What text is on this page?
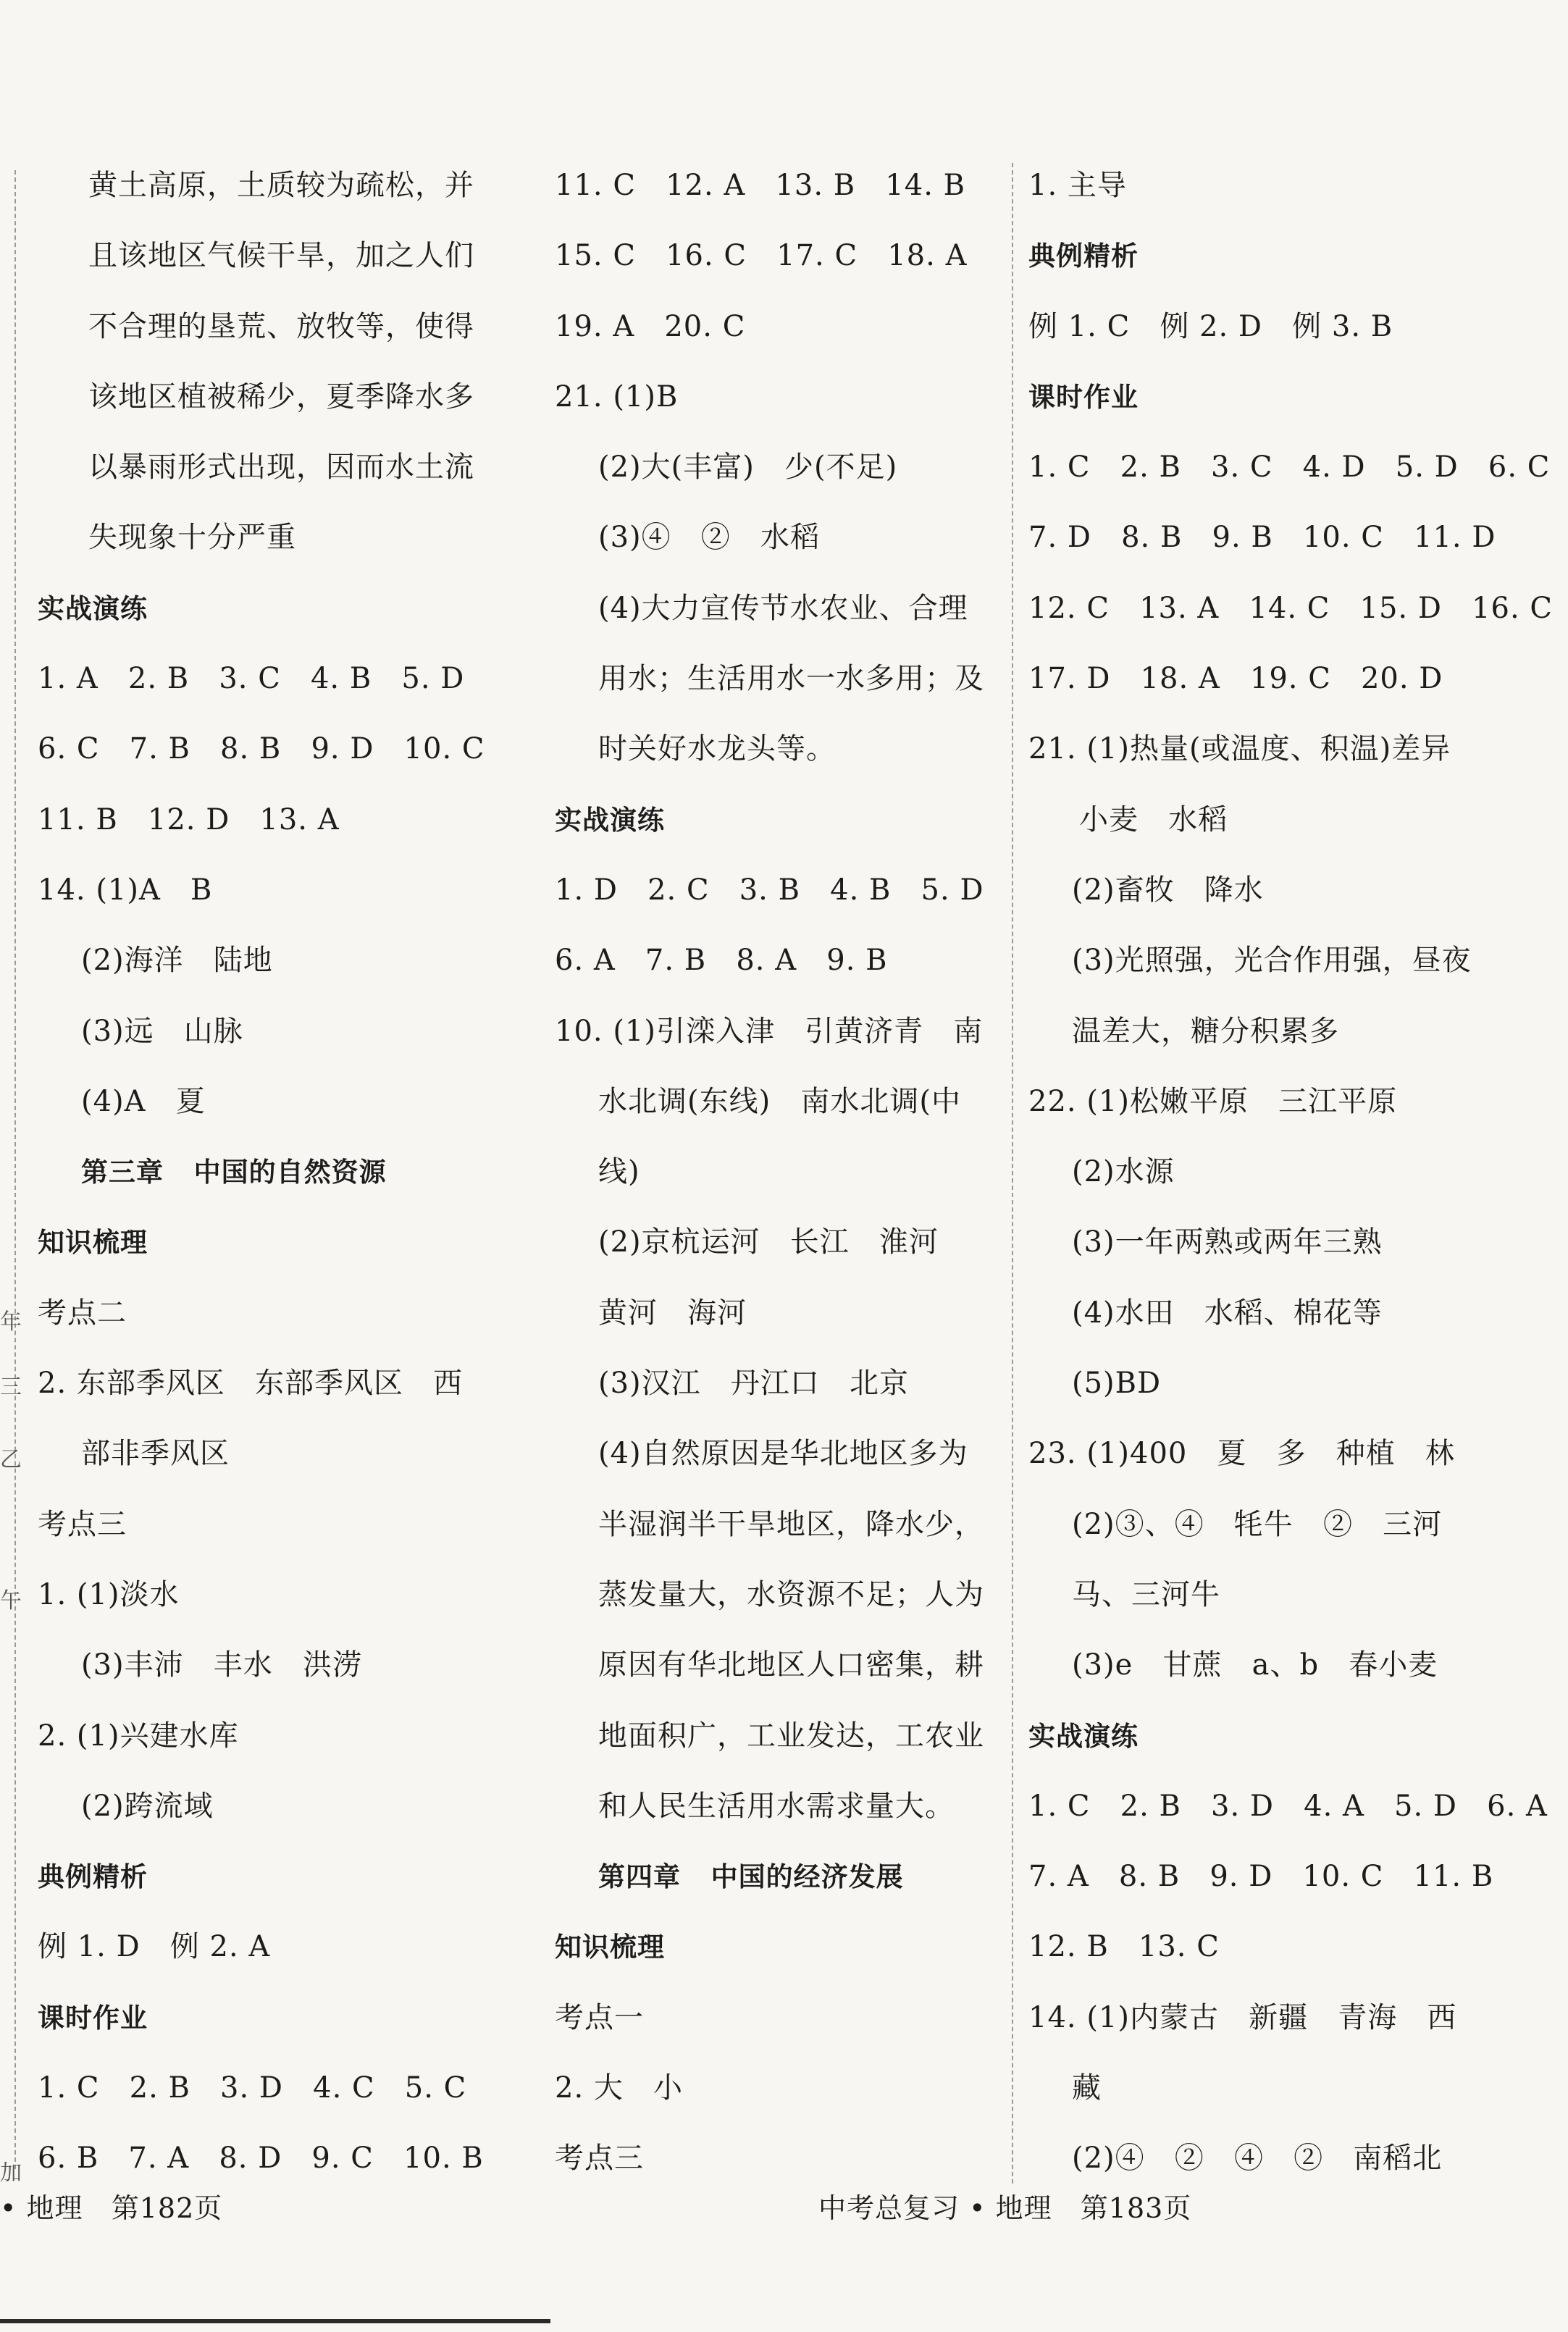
年
三
乙
午
加
黄土高原，土质较为疏松，并
且该地区气候干旱，加之人们
不合理的垦荒、放牧等，使得
该地区植被稀少，夏季降水多
以暴雨形式出现，因而水土流
失现象十分严重
实战演练
1. A   2. B   3. C   4. B   5. D
6. C   7. B   8. B   9. D   10. C
11. B   12. D   13. A
14. (1)A   B
(2)海洋   陆地
(3)远   山脉
(4)A   夏
第三章   中国的自然资源
知识梳理
考点二
2. 东部季风区   东部季风区   西
部非季风区
考点三
1. (1)淡水
(3)丰沛   丰水   洪涝
2. (1)兴建水库
(2)跨流域
典例精析
例 1. D   例 2. A
课时作业
1. C   2. B   3. D   4. C   5. C
6. B   7. A   8. D   9. C   10. B
11. C   12. A   13. B   14. B
15. C   16. C   17. C   18. A
19. A   20. C
21. (1)B
(2)大(丰富)   少(不足)
(3)④   ②   水稻
(4)大力宣传节水农业、合理
用水；生活用水一水多用；及
时关好水龙头等。
实战演练
1. D   2. C   3. B   4. B   5. D
6. A   7. B   8. A   9. B
10. (1)引滦入津   引黄济青   南
水北调(东线)   南水北调(中
线)
(2)京杭运河   长江   淮河
黄河   海河
(3)汉江   丹江口   北京
(4)自然原因是华北地区多为
半湿润半干旱地区，降水少，
蒸发量大，水资源不足；人为
原因有华北地区人口密集，耕
地面积广，工业发达，工农业
和人民生活用水需求量大。
第四章   中国的经济发展
知识梳理
考点一
2. 大   小
考点三
1. 主导
典例精析
例 1. C   例 2. D   例 3. B
课时作业
1. C   2. B   3. C   4. D   5. D   6. C
7. D   8. B   9. B   10. C   11. D
12. C   13. A   14. C   15. D   16. C
17. D   18. A   19. C   20. D
21. (1)热量(或温度、积温)差异
小麦   水稻
(2)畜牧   降水
(3)光照强，光合作用强，昼夜
温差大，糖分积累多
22. (1)松嫩平原   三江平原
(2)水源
(3)一年两熟或两年三熟
(4)水田   水稻、棉花等
(5)BD
23. (1)400   夏   多   种植   林
(2)③、④   牦牛   ②   三河
马、三河牛
(3)e   甘蔗   a、b   春小麦
实战演练
1. C   2. B   3. D   4. A   5. D   6. A
7. A   8. B   9. D   10. C   11. B
12. B   13. C
14. (1)内蒙古   新疆   青海   西
藏
(2)④   ②   ④   ②   南稻北
• 地理   第182页	中考总复习 • 地理   第183页
